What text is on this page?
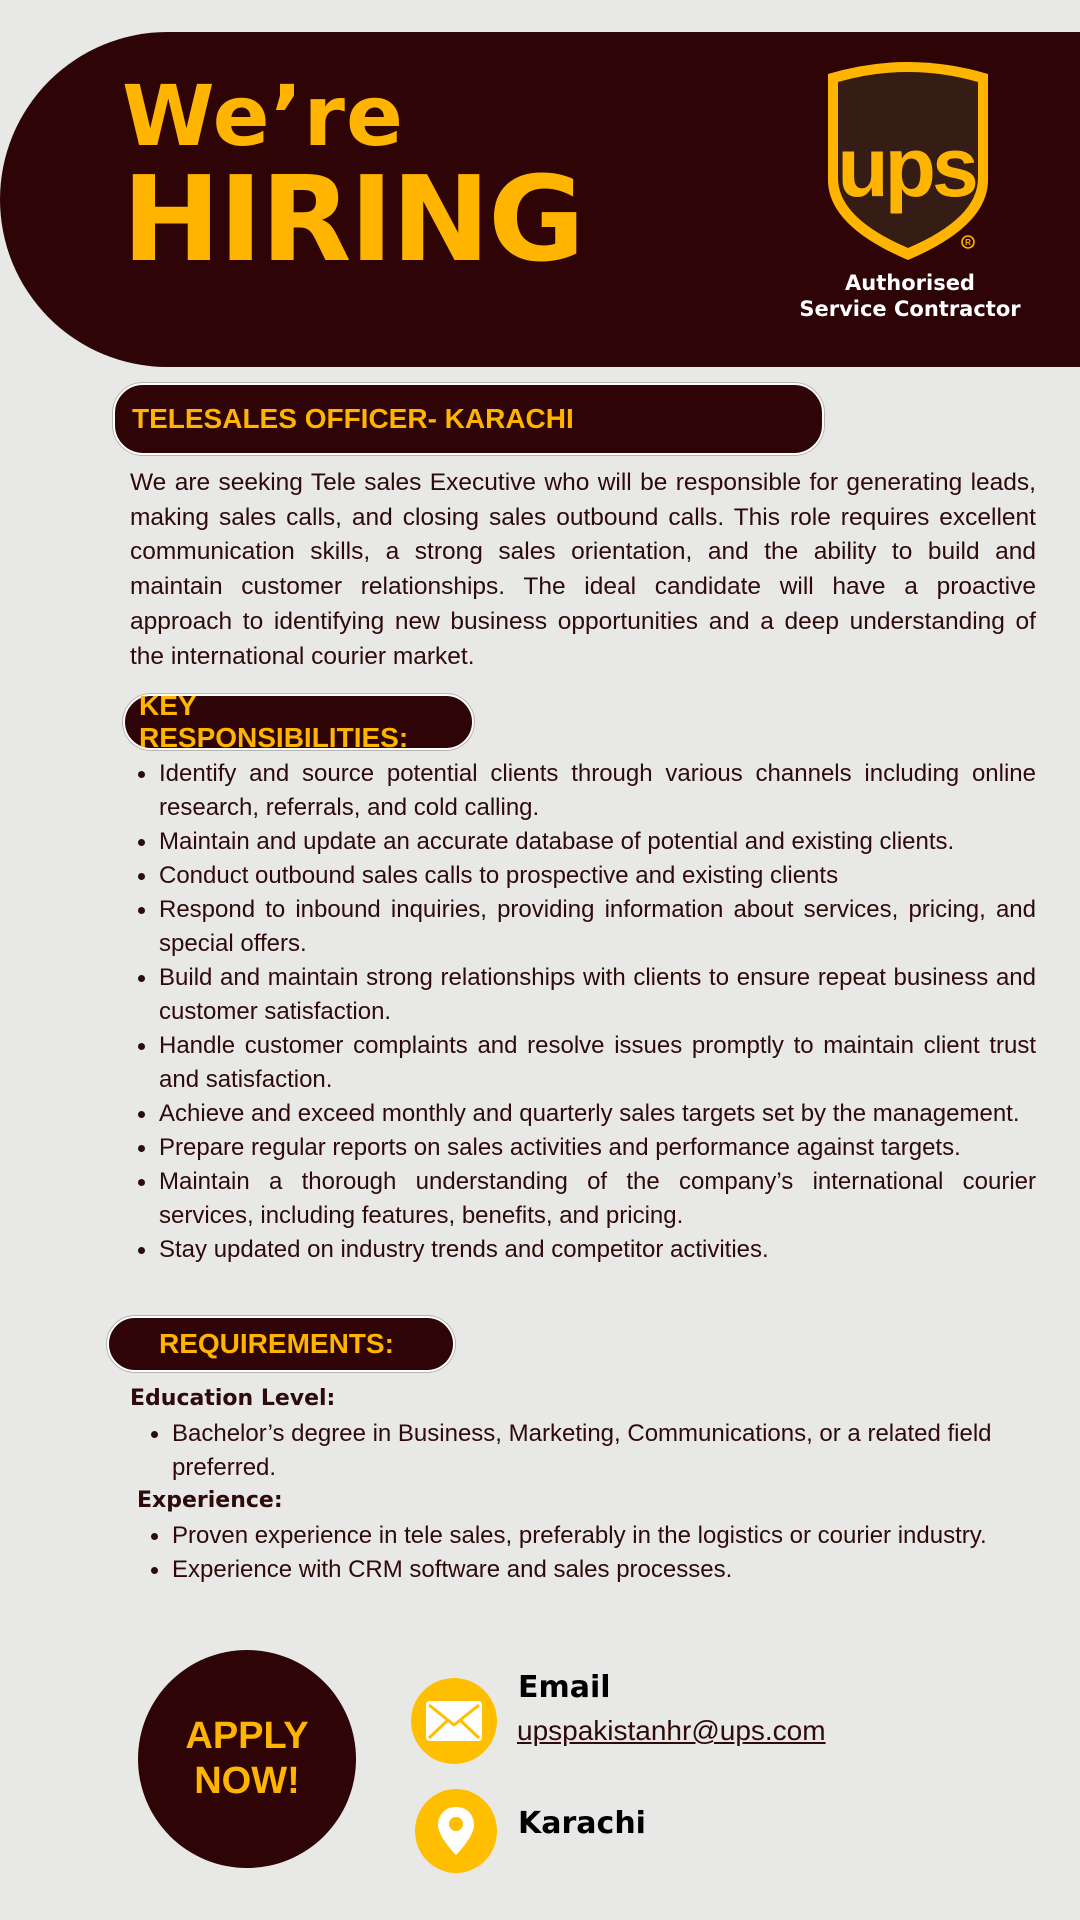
We’re
HIRING	ups
R
Authorised
Service Contractor
TELESALES OFFICER- KARACHI

We are seeking Tele sales Executive who will be responsible for generating leads, making sales calls, and closing sales outbound calls. This role requires excellent communication skills, a strong sales orientation, and the ability to build and maintain customer relationships. The ideal candidate will have a proactive approach to identifying new business opportunities and a deep understanding of the international courier market.

KEY RESPONSIBILITIES:
Identify and source potential clients through various channels including online research, referrals, and cold calling.
Maintain and update an accurate database of potential and existing clients.
Conduct outbound sales calls to prospective and existing clients
Respond to inbound inquiries, providing information about services, pricing, and special offers.
Build and maintain strong relationships with clients to ensure repeat business and customer satisfaction.
Handle customer complaints and resolve issues promptly to maintain client trust and satisfaction.
Achieve and exceed monthly and quarterly sales targets set by the management.
Prepare regular reports on sales activities and performance against targets.
Maintain a thorough understanding of the company’s international courier services, including features, benefits, and pricing.
Stay updated on industry trends and competitor activities.
REQUIREMENTS:
Education Level:
Bachelor’s degree in Business, Marketing, Communications, or a related field preferred.
Experience:
Proven experience in tele sales, preferably in the logistics or courier industry.
Experience with CRM software and sales processes.
APPLY
NOW!
Email
upspakistanhr@ups.com
Karachi
